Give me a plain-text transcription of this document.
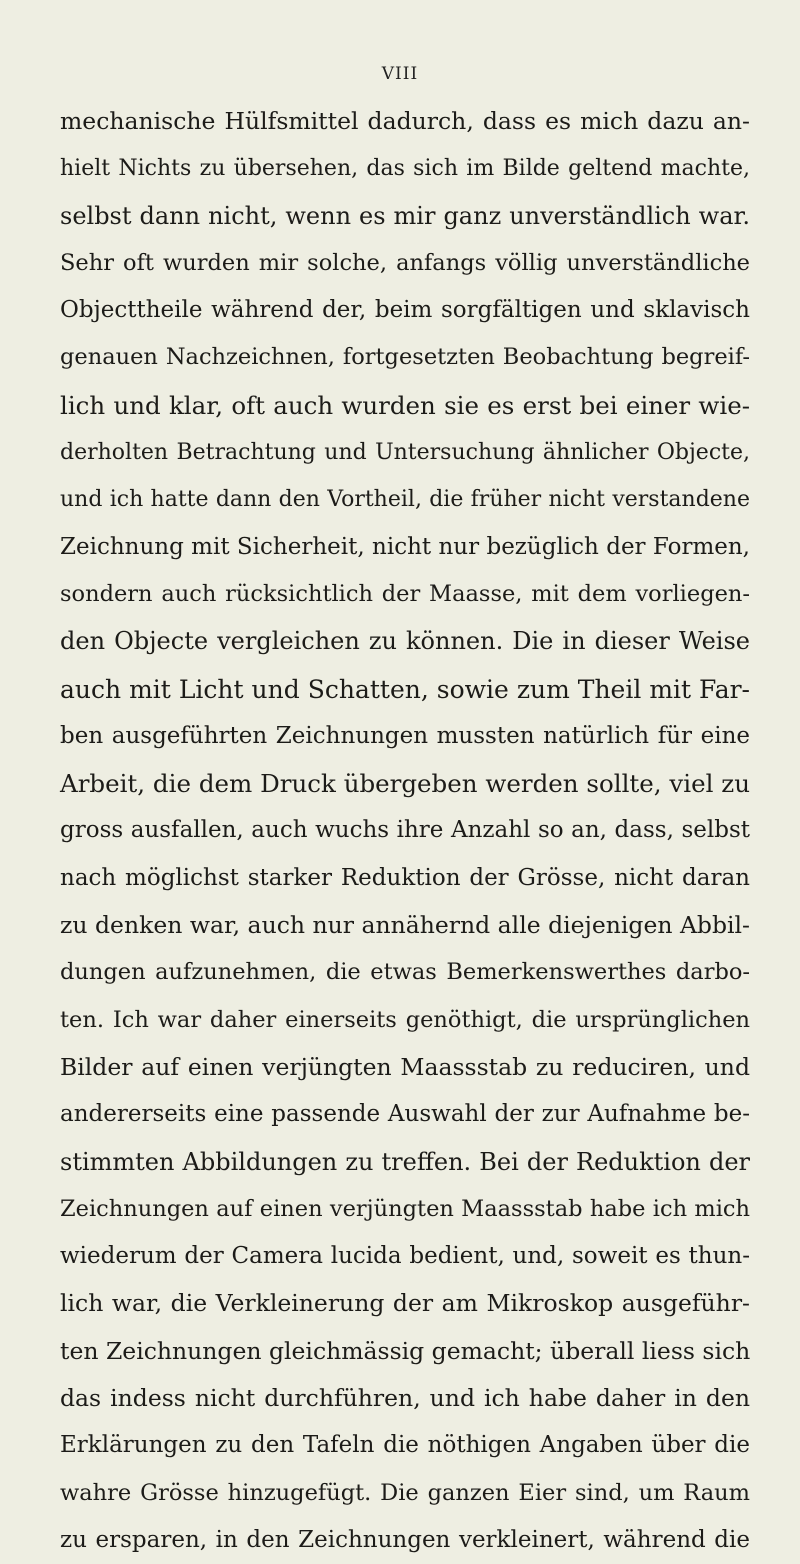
VIII
mechanische Hülfsmittel dadurch, dass es mich dazu an-
hielt Nichts zu übersehen, das sich im Bilde geltend machte,
selbst dann nicht, wenn es mir ganz unverständlich war.
Sehr oft wurden mir solche, anfangs völlig unverständliche
Objecttheile während der, beim sorgfältigen und sklavisch
genauen Nachzeichnen, fortgesetzten Beobachtung begreif-
lich und klar, oft auch wurden sie es erst bei einer wie-
derholten Betrachtung und Untersuchung ähnlicher Objecte,
und ich hatte dann den Vortheil, die früher nicht verstandene
Zeichnung mit Sicherheit, nicht nur bezüglich der Formen,
sondern auch rücksichtlich der Maasse, mit dem vorliegen-
den Objecte vergleichen zu können. Die in dieser Weise
auch mit Licht und Schatten, sowie zum Theil mit Far-
ben ausgeführten Zeichnungen mussten natürlich für eine
Arbeit, die dem Druck übergeben werden sollte, viel zu
gross ausfallen, auch wuchs ihre Anzahl so an, dass, selbst
nach möglichst starker Reduktion der Grösse, nicht daran
zu denken war, auch nur annähernd alle diejenigen Abbil-
dungen aufzunehmen, die etwas Bemerkenswerthes darbo-
ten. Ich war daher einerseits genöthigt, die ursprünglichen
Bilder auf einen verjüngten Maassstab zu reduciren, und
andererseits eine passende Auswahl der zur Aufnahme be-
stimmten Abbildungen zu treffen. Bei der Reduktion der
Zeichnungen auf einen verjüngten Maassstab habe ich mich
wiederum der Camera lucida bedient, und, soweit es thun-
lich war, die Verkleinerung der am Mikroskop ausgeführ-
ten Zeichnungen gleichmässig gemacht; überall liess sich
das indess nicht durchführen, und ich habe daher in den
Erklärungen zu den Tafeln die nöthigen Angaben über die
wahre Grösse hinzugefügt. Die ganzen Eier sind, um Raum
zu ersparen, in den Zeichnungen verkleinert, während die
